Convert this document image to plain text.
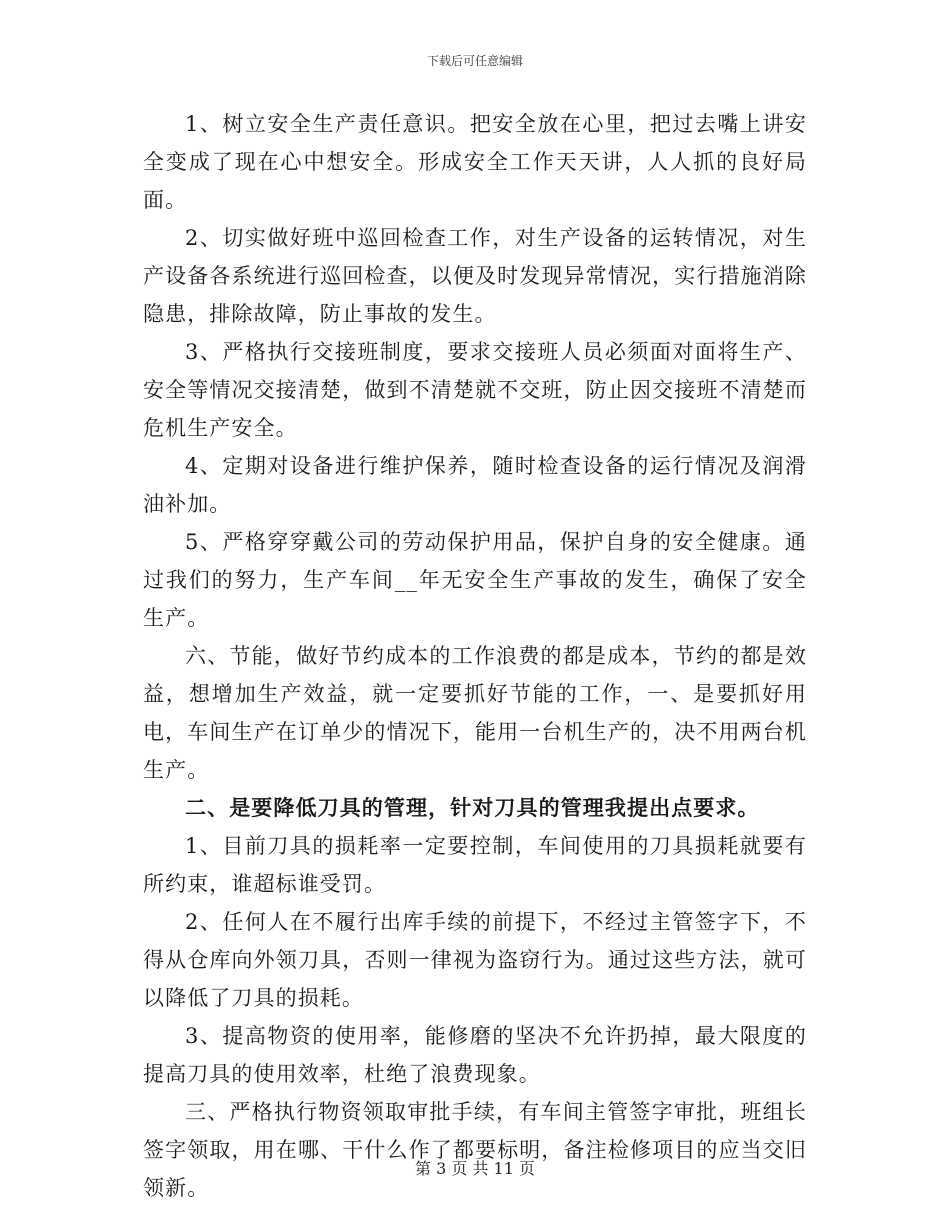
下载后可任意编辑

1、树立安全生产责任意识。把安全放在心里，把过去嘴上讲安全变成了现在心中想安全。形成安全工作天天讲，人人抓的良好局面。

2、切实做好班中巡回检查工作，对生产设备的运转情况，对生产设备各系统进行巡回检查，以便及时发现异常情况，实行措施消除隐患，排除故障，防止事故的发生。

3、严格执行交接班制度，要求交接班人员必须面对面将生产、安全等情况交接清楚，做到不清楚就不交班，防止因交接班不清楚而危机生产安全。

4、定期对设备进行维护保养，随时检查设备的运行情况及润滑油补加。

5、严格穿穿戴公司的劳动保护用品，保护自身的安全健康。通过我们的努力，生产车间__年无安全生产事故的发生，确保了安全生产。

六、节能，做好节约成本的工作浪费的都是成本，节约的都是效益，想增加生产效益，就一定要抓好节能的工作，一、是要抓好用电，车间生产在订单少的情况下，能用一台机生产的，决不用两台机生产。

二、是要降低刀具的管理，针对刀具的管理我提出点要求。

1、目前刀具的损耗率一定要控制，车间使用的刀具损耗就要有所约束，谁超标谁受罚。

2、任何人在不履行出库手续的前提下，不经过主管签字下，不得从仓库向外领刀具，否则一律视为盗窃行为。通过这些方法，就可以降低了刀具的损耗。

3、提高物资的使用率，能修磨的坚决不允许扔掉，最大限度的提高刀具的使用效率，杜绝了浪费现象。

三、严格执行物资领取审批手续，有车间主管签字审批，班组长签字领取，用在哪、干什么作了都要标明，备注检修项目的应当交旧领新。

第 3 页 共 11 页
